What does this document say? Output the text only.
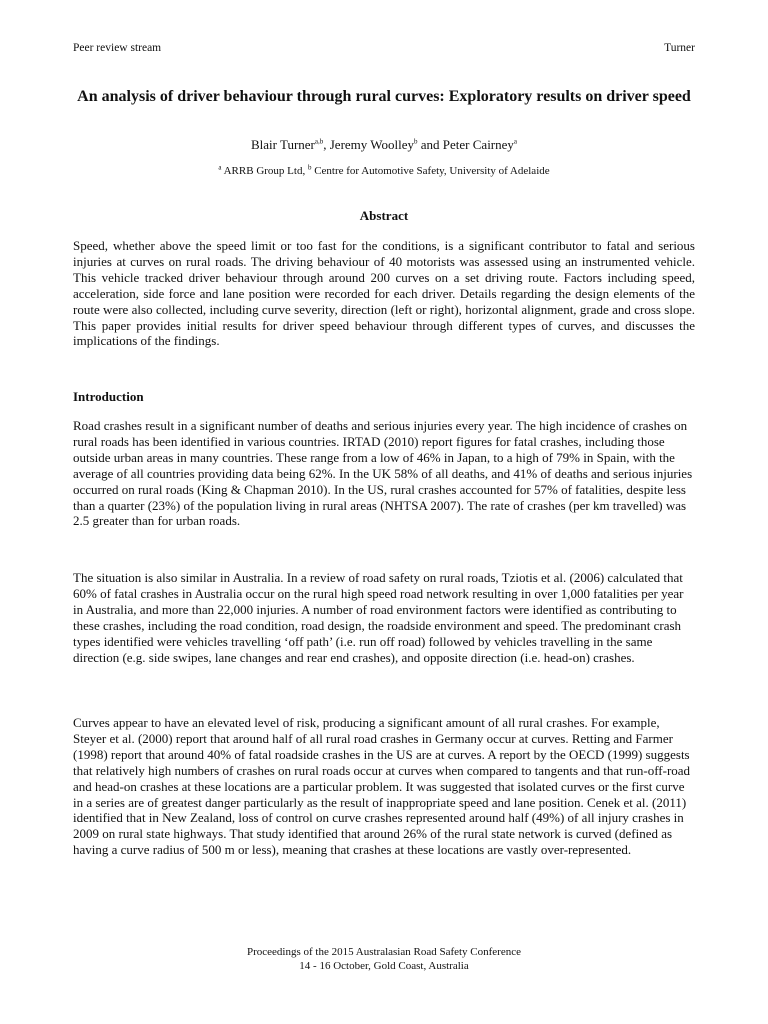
Peer review stream	Turner
An analysis of driver behaviour through rural curves: Exploratory results on driver speed
Blair Turner$^{a,b}$, Jeremy Woolley$^b$ and Peter Cairney$^a$
$^a$ ARRB Group Ltd, $^b$ Centre for Automotive Safety, University of Adelaide
Abstract

Speed, whether above the speed limit or too fast for the conditions, is a significant contributor to fatal and serious injuries at curves on rural roads. The driving behaviour of 40 motorists was assessed using an instrumented vehicle. This vehicle tracked driver behaviour through around 200 curves on a set driving route. Factors including speed, acceleration, side force and lane position were recorded for each driver. Details regarding the design elements of the route were also collected, including curve severity, direction (left or right), horizontal alignment, grade and cross slope. This paper provides initial results for driver speed behaviour through different types of curves, and discusses the implications of the findings.

Introduction

Road crashes result in a significant number of deaths and serious injuries every year. The high incidence of crashes on rural roads has been identified in various countries. IRTAD (2010) report figures for fatal crashes, including those outside urban areas in many countries. These range from a low of 46% in Japan, to a high of 79% in Spain, with the average of all countries providing data being 62%. In the UK 58% of all deaths, and 41% of deaths and serious injuries occurred on rural roads (King & Chapman 2010). In the US, rural crashes accounted for 57% of fatalities, despite less than a quarter (23%) of the population living in rural areas (NHTSA 2007). The rate of crashes (per km travelled) was 2.5 greater than for urban roads.

The situation is also similar in Australia. In a review of road safety on rural roads, Tziotis et al. (2006) calculated that 60% of fatal crashes in Australia occur on the rural high speed road network resulting in over 1,000 fatalities per year in Australia, and more than 22,000 injuries. A number of road environment factors were identified as contributing to these crashes, including the road condition, road design, the roadside environment and speed. The predominant crash types identified were vehicles travelling ‘off path’ (i.e. run off road) followed by vehicles travelling in the same direction (e.g. side swipes, lane changes and rear end crashes), and opposite direction (i.e. head-on) crashes.

Curves appear to have an elevated level of risk, producing a significant amount of all rural crashes. For example, Steyer et al. (2000) report that around half of all rural road crashes in Germany occur at curves. Retting and Farmer (1998) report that around 40% of fatal roadside crashes in the US are at curves. A report by the OECD (1999) suggests that relatively high numbers of crashes on rural roads occur at curves when compared to tangents and that run-off-road and head-on crashes at these locations are a particular problem. It was suggested that isolated curves or the first curve in a series are of greatest danger particularly as the result of inappropriate speed and lane position. Cenek et al. (2011) identified that in New Zealand, loss of control on curve crashes represented around half (49%) of all injury crashes in 2009 on rural state highways. That study identified that around 26% of the rural state network is curved (defined as having a curve radius of 500 m or less), meaning that crashes at these locations are vastly over-represented.

Proceedings of the 2015 Australasian Road Safety Conference
14 - 16 October, Gold Coast, Australia
